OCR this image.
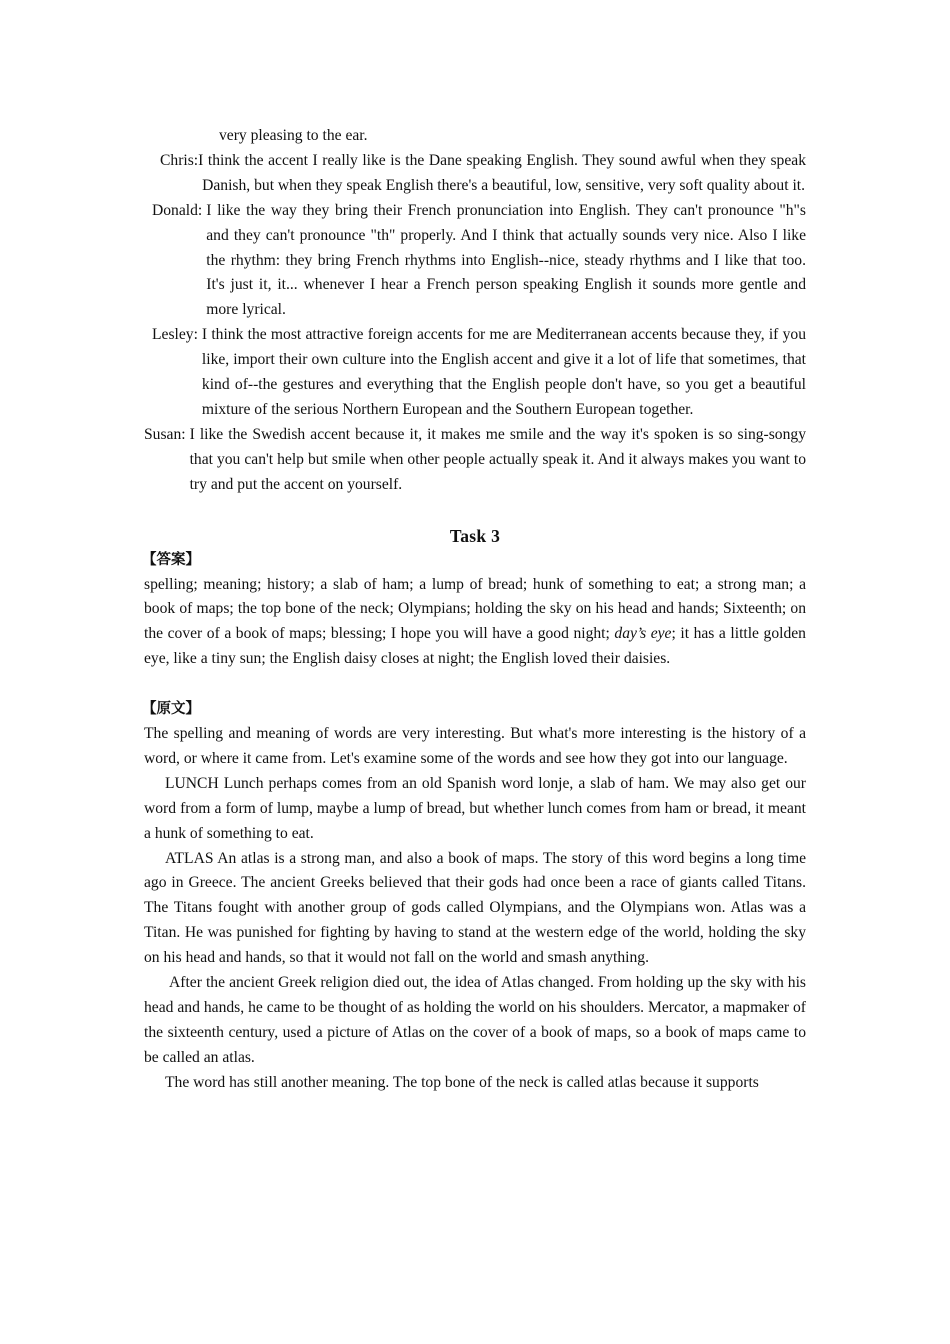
very pleasing to the ear.
Chris: I think the accent I really like is the Dane speaking English. They sound awful when they speak Danish, but when they speak English there's a beautiful, low, sensitive, very soft quality about it.
Donald: I like the way they bring their French pronunciation into English. They can't pronounce "h"s and they can't pronounce "th" properly. And I think that actually sounds very nice. Also I like the rhythm: they bring French rhythms into English--nice, steady rhythms and I like that too. It's just it, it... whenever I hear a French person speaking English it sounds more gentle and more lyrical.
Lesley: I think the most attractive foreign accents for me are Mediterranean accents because they, if you like, import their own culture into the English accent and give it a lot of life that sometimes, that kind of--the gestures and everything that the English people don't have, so you get a beautiful mixture of the serious Northern European and the Southern European together.
Susan: I like the Swedish accent because it, it makes me smile and the way it's spoken is so sing-songy that you can't help but smile when other people actually speak it. And it always makes you want to try and put the accent on yourself.
Task 3
【答案】
spelling; meaning; history; a slab of ham; a lump of bread; hunk of something to eat; a strong man; a book of maps; the top bone of the neck; Olympians; holding the sky on his head and hands; Sixteenth; on the cover of a book of maps; blessing; I hope you will have a good night; day’s eye; it has a little golden eye, like a tiny sun; the English daisy closes at night; the English loved their daisies.
【原文】
The spelling and meaning of words are very interesting. But what's more interesting is the history of a word, or where it came from. Let's examine some of the words and see how they got into our language.
LUNCH Lunch perhaps comes from an old Spanish word lonje, a slab of ham. We may also get our word from a form of lump, maybe a lump of bread, but whether lunch comes from ham or bread, it meant a hunk of something to eat.
ATLAS An atlas is a strong man, and also a book of maps. The story of this word begins a long time ago in Greece. The ancient Greeks believed that their gods had once been a race of giants called Titans. The Titans fought with another group of gods called Olympians, and the Olympians won. Atlas was a Titan. He was punished for fighting by having to stand at the western edge of the world, holding the sky on his head and hands, so that it would not fall on the world and smash anything.
After the ancient Greek religion died out, the idea of Atlas changed. From holding up the sky with his head and hands, he came to be thought of as holding the world on his shoulders. Mercator, a mapmaker of the sixteenth century, used a picture of Atlas on the cover of a book of maps, so a book of maps came to be called an atlas.
The word has still another meaning. The top bone of the neck is called atlas because it supports
